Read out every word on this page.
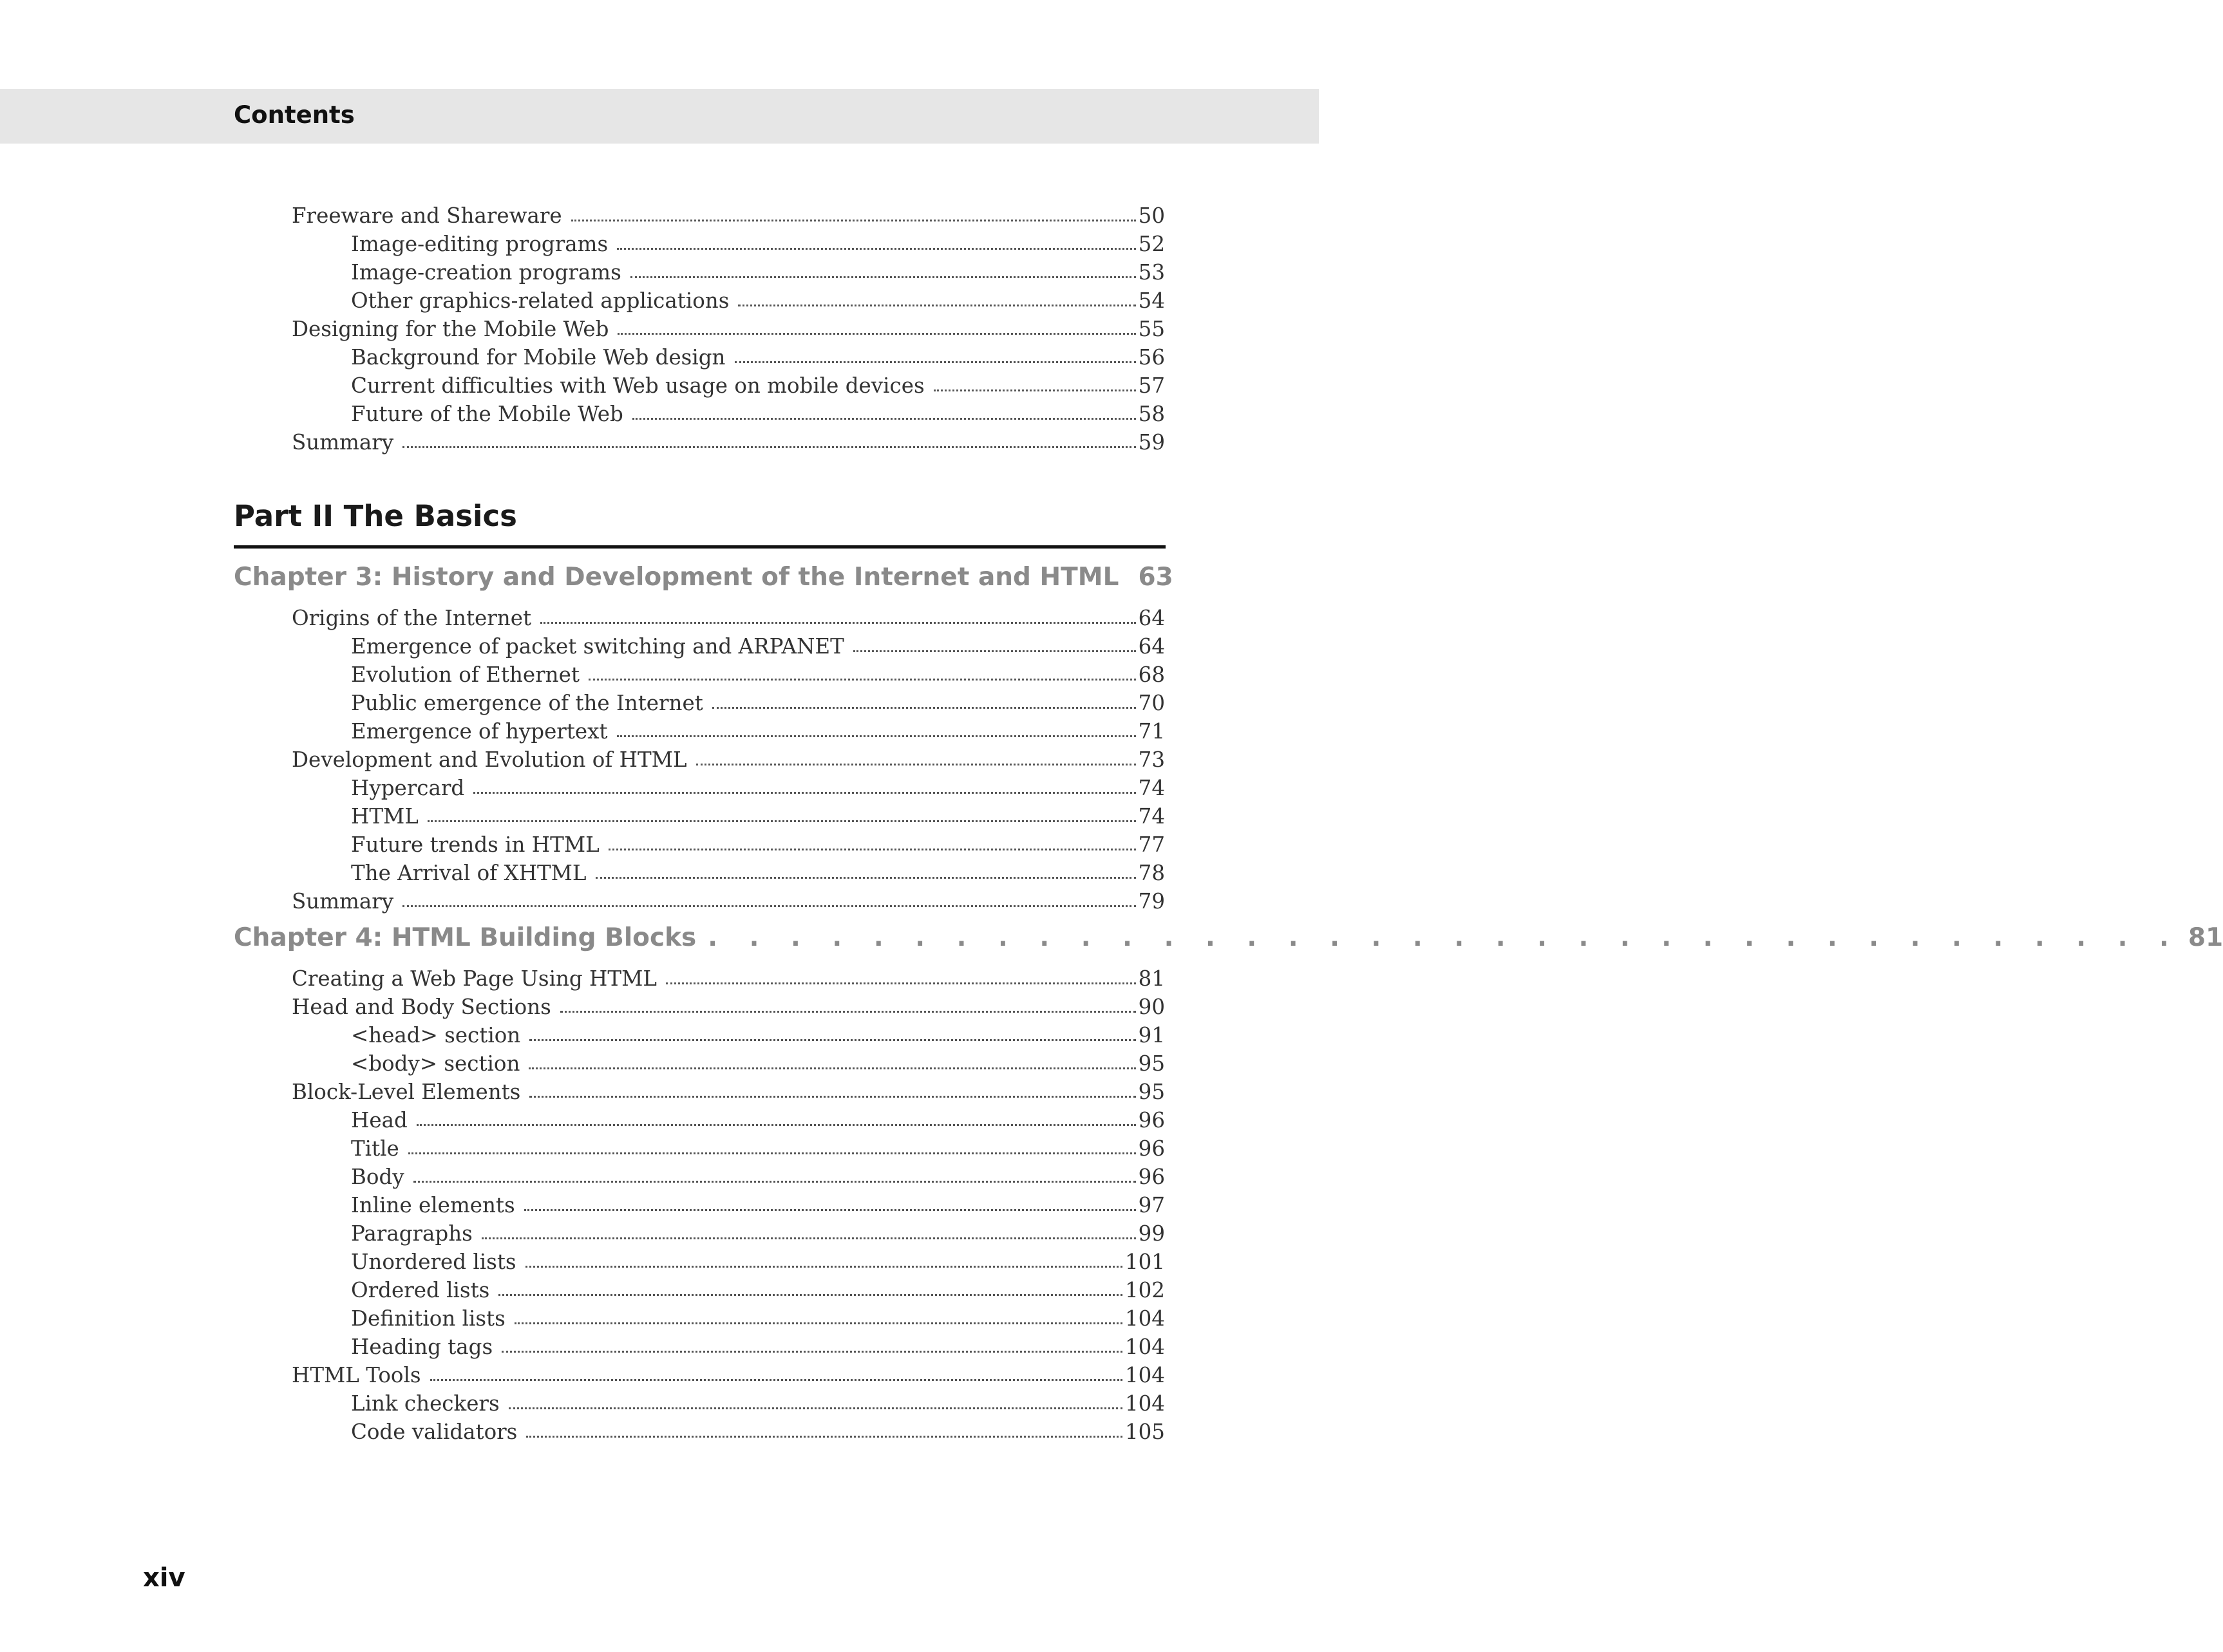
Contents
Freeware and Shareware	50
Image-editing programs	52
Image-creation programs	53
Other graphics-related applications	54
Designing for the Mobile Web	55
Background for Mobile Web design	56
Current difficulties with Web usage on mobile devices	57
Future of the Mobile Web	58
Summary	59
Part II The Basics
Chapter 3: History and Development of the Internet and HTML 63
Origins of the Internet	64
Emergence of packet switching and ARPANET	64
Evolution of Ethernet	68
Public emergence of the Internet	70
Emergence of hypertext	71
Development and Evolution of HTML	73
Hypercard	74
HTML	74
Future trends in HTML	77
The Arrival of XHTML	78
Summary	79
Chapter 4: HTML Building Blocks . . . . . . . . . . . . . . . . . . . . . . . . . . . . . . . . . . . . 81
Creating a Web Page Using HTML	81
Head and Body Sections	90
<head> section	91
<body> section	95
Block-Level Elements	95
Head	96
Title	96
Body	96
Inline elements	97
Paragraphs	99
Unordered lists	101
Ordered lists	102
Definition lists	104
Heading tags	104
HTML Tools	104
Link checkers	104
Code validators	105
xiv
